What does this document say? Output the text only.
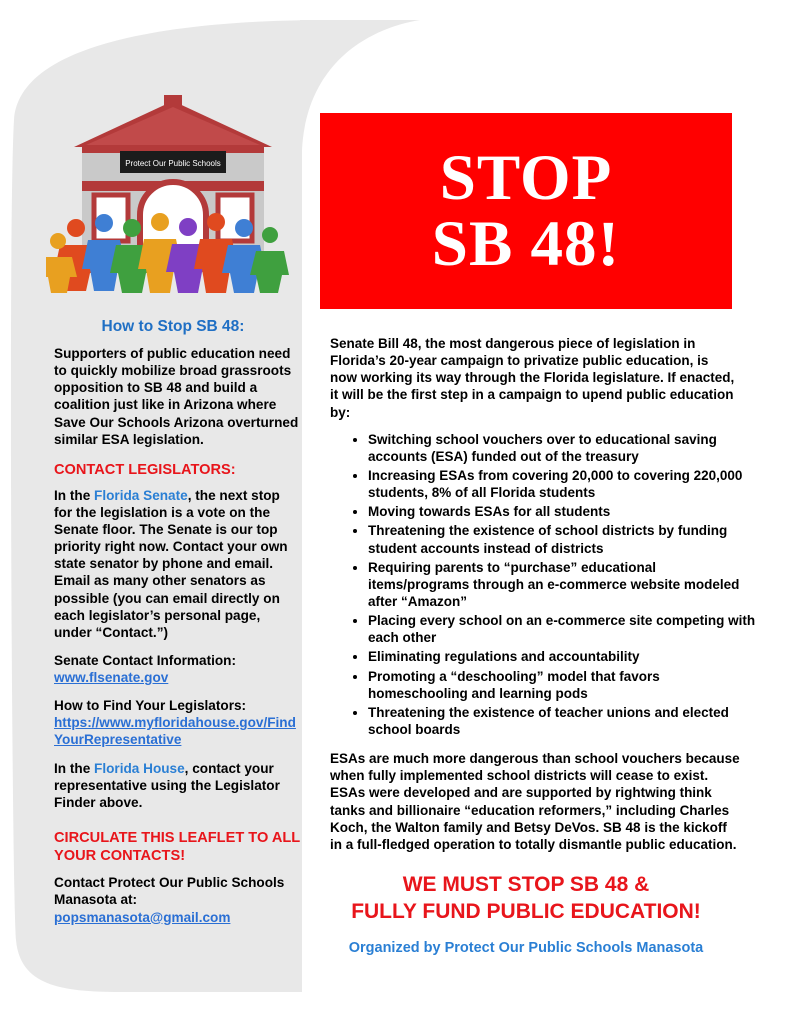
Protect Our Public Schools
How to Stop SB 48:

Supporters of public education need to quickly mobilize broad grassroots opposition to SB 48 and build a coalition just like in Arizona where Save Our Schools Arizona overturned similar ESA legislation.

CONTACT LEGISLATORS:

In the Florida Senate, the next stop for the legislation is a vote on the Senate floor. The Senate is our top priority right now. Contact your own state senator by phone and email. Email as many other senators as possible (you can email directly on each legislator’s personal page, under “Contact.”)

Senate Contact Information:
www.flsenate.gov

How to Find Your Legislators:
https://www.myfloridahouse.gov/FindYourRepresentative

In the Florida House, contact your representative using the Legislator Finder above.

CIRCULATE THIS LEAFLET TO ALL YOUR CONTACTS!

Contact Protect Our Public Schools Manasota at:
popsmanasota@gmail.com

STOP
SB 48!
Senate Bill 48, the most dangerous piece of legislation in Florida’s 20-year campaign to privatize public education, is now working its way through the Florida legislature. If enacted, it will be the first step in a campaign to upend public education by:
• Switching school vouchers over to educational saving accounts (ESA) funded out of the treasury
• Increasing ESAs from covering 20,000 to covering 220,000 students, 8% of all Florida students
• Moving towards ESAs for all students
• Threatening the existence of school districts by funding student accounts instead of districts
• Requiring parents to “purchase” educational items/programs through an e-commerce website modeled after “Amazon”
• Placing every school on an e-commerce site competing with each other
• Eliminating regulations and accountability
• Promoting a “deschooling” model that favors homeschooling and learning pods
• Threatening the existence of teacher unions and elected school boards
ESAs are much more dangerous than school vouchers because when fully implemented school districts will cease to exist. ESAs were developed and are supported by rightwing think tanks and billionaire “education reformers,” including Charles Koch, the Walton family and Betsy DeVos. SB 48 is the kickoff in a full-fledged operation to totally dismantle public education.
WE MUST STOP SB 48 &
FULLY FUND PUBLIC EDUCATION!
Organized by Protect Our Public Schools Manasota
